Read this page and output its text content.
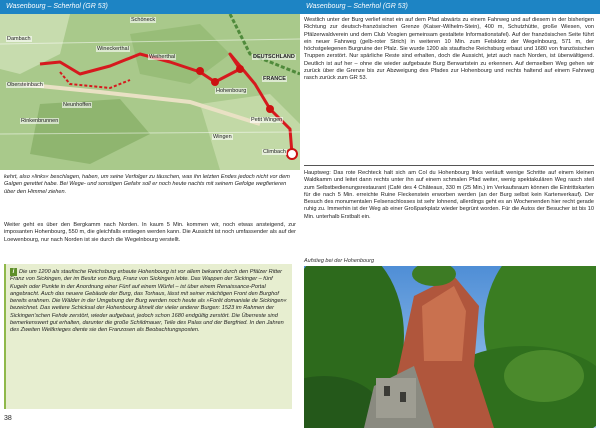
Wasenbourg – Scherhol (GR 53)
Schöneck
Wineckerthal
Weiherthal
Dambach
Obersteinbach
Neunhoffen
Rinkenbrunnen
Wingen
Petit Wingen
Climbach
Hohenbourg
DEUTSCHLAND
FRANCE
kehrt, also »links« beschlagen, haben, um seine Verfolger zu täuschen, was ihn letzten Endes jedoch nicht vor dem Galgen gerettet habe. Bei Wege- und sonstigen Gefahr soll er noch heute nachts mit seinem Gefolge wegfierieren über den Himmel ziehen.
Weiter geht es über den Bergkamm nach Norden. In kaum 5 Min. kommen wir, noch etwas ansteigend, zur imposanten Hohenbourg, 550 m, die gleichfalls erstiegen werden kann. Die Aussicht ist noch umfassender als auf der Loewenbourg, nur nach Norden ist sie durch die Wegelnbourg verstellt.
i Die um 1200 als staufische Reichsburg erbaute Hohenbourg ist vor allem bekannt durch den Pfälzer Ritter Franz von Sickingen, der im Besitz von Burg, Franz von Sickingen lebte. Das Wappen der Sickinger – fünf Kugeln oder Punkte in der Anordnung einer Fünf auf einem Würfel – ist über einem Renaissance-Portal angebracht. Auch das neuere Gebäude der Burg, das Torhaus, lässt mit seiner mächtigen Front den Burghof bereits erahnen. Die Wälder in der Umgebung der Burg werden noch heute als »Forêt domaniale de Sickingen« bezeichnet. Das weitere Schicksal der Hohenbourg ähnelt der vieler anderer Burgen: 1523 im Rahmen der Sickingen'schen Fehde zerstört, wieder aufgebaut, jedoch schon 1680 endgültig zerstört. Die Überreste sind bemerkenswert gut erhalten, darunter die große Schildmauer, Teile des Palas und der Bergfried. In den Jahren des Zweiten Weltkrieges diente sie den Franzosen als Beobachtungsposten.
38
Wasenbourg – Scherhol (GR 53)
Westlich unter der Burg verlief einst ein auf dem Pfad abwärts zu einem Fahrweg und auf diesem in der bisherigen Richtung zur deutsch-französischen Grenze (Kaiser-Wilhelm-Stein), 400 m, Schutzhütte, große Wiesen, von Pfälzerwaldverein und dem Club Vosgien gemeinsam gestaltete Informationstafel). Auf der französischen Seite führt ein neuer Fahrweg (gelb-roter Strich) in weiteren 10 Min. zum Felsklotz der Wegelnbourg, 571 m, der höchstgelegenen Burgruine der Pfalz. Sie wurde 1200 als staufische Reichsburg erbaut und 1680 von französischen Truppen zerstört. Nur spärliche Reste sind erhalten, doch die Aussicht, jetzt auch nach Norden, ist überwältigend. Deutlich ist auf her – ohne die wieder aufgebaute Burg Berwartstein zu erkennen. Auf demselben Weg gehen wir zurück über die Grenze bis zur Abzweigung des Pfades zur Hohenbourg und rechts haltend auf einem Fahrweg rasch zurück zum GR 53.
Hauptweg: Das rote Rechteck halt sich am Col du Hohenbourg links verläuft wenige Schritte auf einem kleinen Waldkamm und leitet dann rechts unter ihn auf einem schmalen Pfad weiter, wenig spektakulären Weg rasch steil zum Selbstbedienungsrestaurant (Café des 4 Châteaux, 330 m (25 Min.) im Verkaufsraum können die Eintrittskarten für die nach 5 Min. erreichte Ruine Fleckenstein erworben werden (an der Burg selbst kein Kartenverkauf). Der Besuch des monumentalen Felsenschlosses ist sehr lohnend, allerdings geht es an Wochenenden hier recht gerade ruhig zu. Immerhin ist der Weg ab einer Großparkplatz wieder begrünt worden. Für die Autos der Besucher ist bis 10 Min. unterhalb Erstbalt ein.
Aufstieg bei der Hohenbourg
